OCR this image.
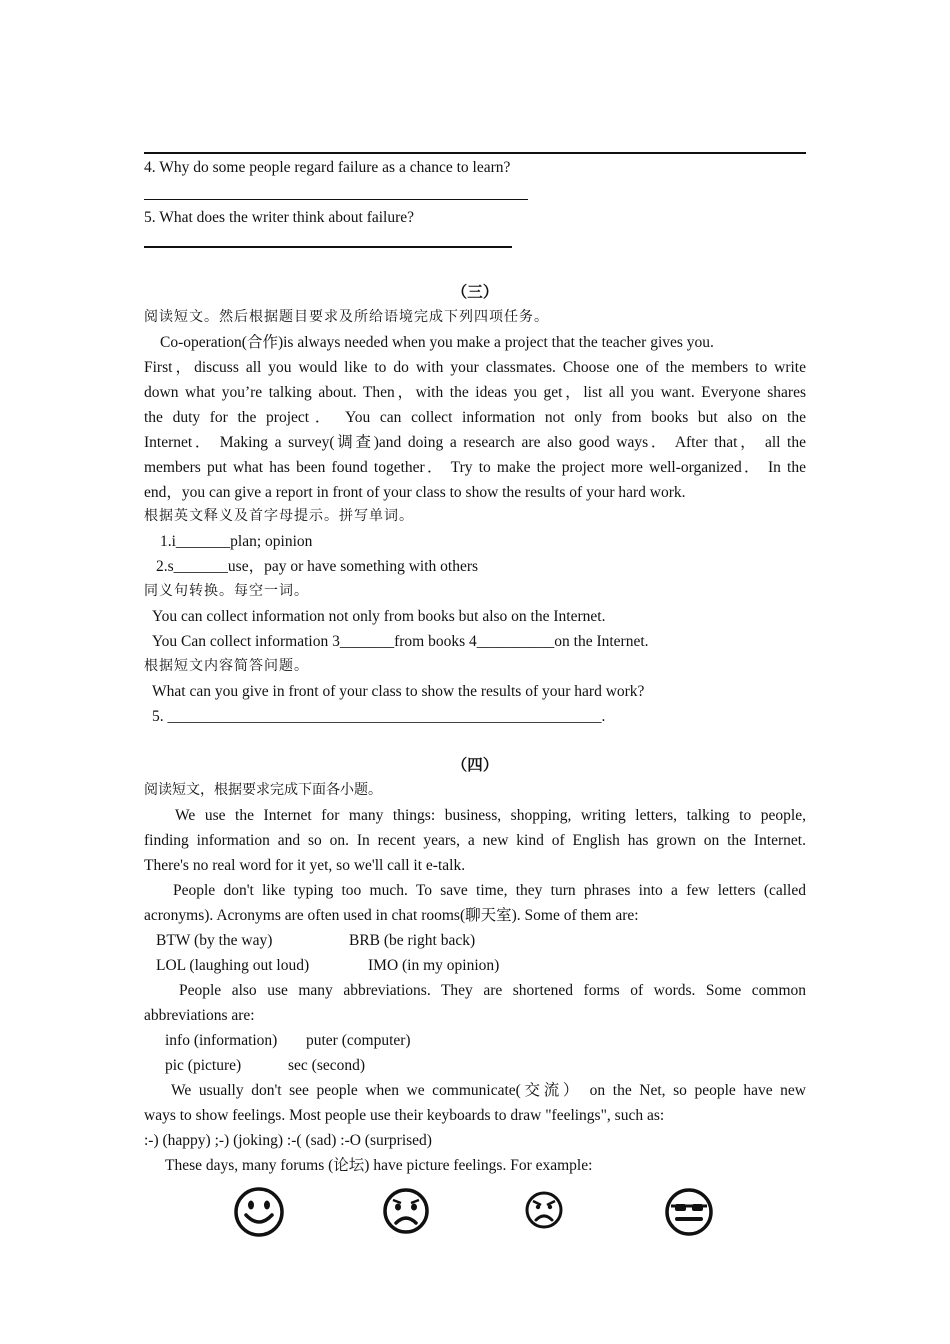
4. Why do some people regard failure as a chance to learn?
5. What does the writer think about failure?
（三）
阅读短文。然后根据题目要求及所给语境完成下列四项任务。
Co-operation(合作)is always needed when you make a project that the teacher gives you.
First，discuss all you would like to do with your classmates. Choose one of the members to write
down what you’re talking about. Then，with the ideas you get，list all you want. Everyone shares
the duty for the project． You can collect information not only from books but also on the
Internet． Making a survey(调查)and doing a research are also good ways． After that， all the
members put what has been found together． Try to make the project more well-organized． In the
end，you can give a report in front of your class to show the results of your hard work.
根据英文释义及首字母提示。拼写单词。
1.i_______plan; opinion
2.s_______use，pay or have something with others
同义句转换。每空一词。
You can collect information not only from books but also on the Internet.
You Can collect information 3_______from books 4__________on the Internet.
根据短文内容简答问题。
What can you give in front of your class to show the results of your hard work?
5. ________________________________________________________.
（四）
阅读短文，根据要求完成下面各小题。
We use the Internet for many things: business, shopping, writing letters, talking to people,
finding information and so on. In recent years, a new kind of English has grown on the Internet.
There's no real word for it yet, so we'll call it e-talk.
People don't like typing too much. To save time, they turn phrases into a few letters (called
acronyms). Acronyms are often used in chat rooms(聊天室). Some of them are:
BTW (by the way)	BRB (be right back)
LOL (laughing out loud)	IMO (in my opinion)
People also use many abbreviations. They are shortened forms of words. Some common
abbreviations are:
info (information) puter (computer)
pic (picture)	sec (second)
We usually don't see people when we communicate(交流） on the Net, so people have new
ways to show feelings. Most people use their keyboards to draw "feelings", such as:
:-) (happy) ;-) (joking) :-( (sad) :-O (surprised)
These days, many forums (论坛) have picture feelings. For example:
